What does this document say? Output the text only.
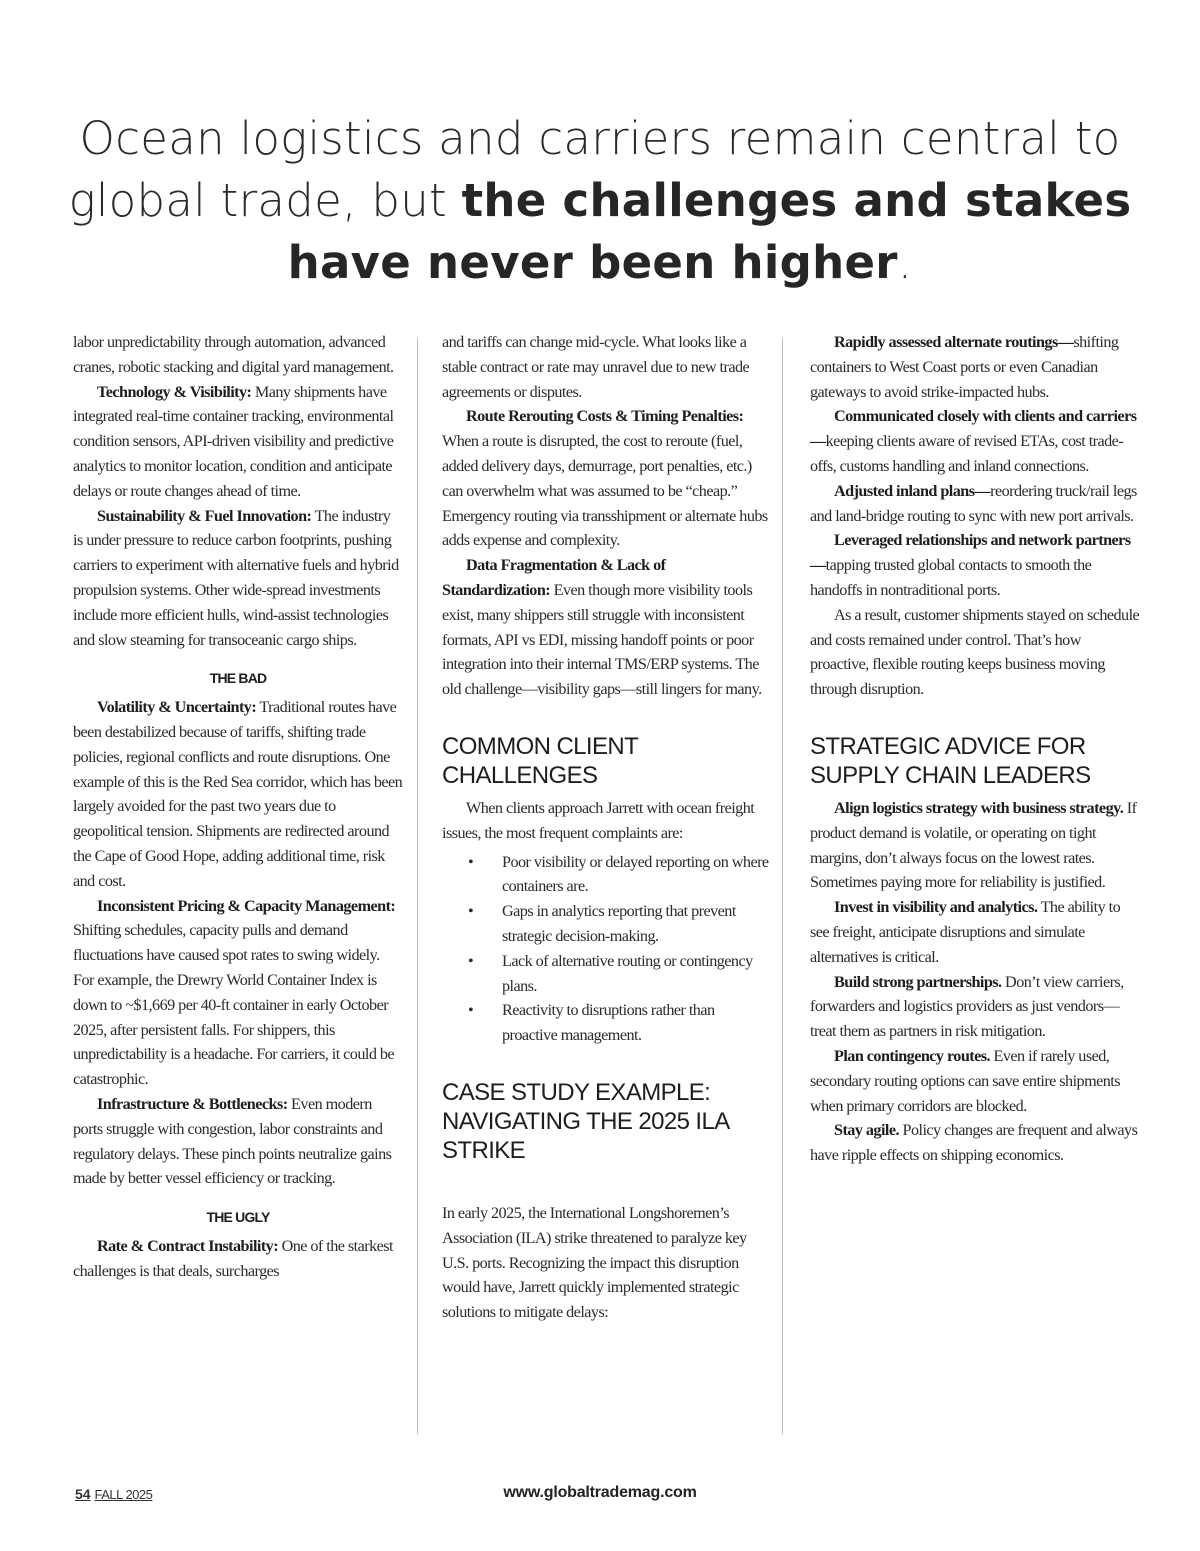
Ocean logistics and carriers remain central to global trade, but the challenges and stakes have never been higher.

labor unpredictability through automation, advanced cranes, robotic stacking and digital yard management.

Technology & Visibility: Many shipments have integrated real-time container tracking, environmental condition sensors, API-driven visibility and predictive analytics to monitor location, condition and anticipate delays or route changes ahead of time.

Sustainability & Fuel Innovation: The industry is under pressure to reduce carbon footprints, pushing carriers to experiment with alternative fuels and hybrid propulsion systems. Other wide-spread investments include more efficient hulls, wind-assist technologies and slow steaming for transoceanic cargo ships.

THE BAD

Volatility & Uncertainty: Traditional routes have been destabilized because of tariffs, shifting trade policies, regional conflicts and route disruptions. One example of this is the Red Sea corridor, which has been largely avoided for the past two years due to geopolitical tension. Shipments are redirected around the Cape of Good Hope, adding additional time, risk and cost.

Inconsistent Pricing & Capacity Management: Shifting schedules, capacity pulls and demand fluctuations have caused spot rates to swing widely. For example, the Drewry World Container Index is down to ~$1,669 per 40-ft container in early October 2025, after persistent falls. For shippers, this unpredictability is a headache. For carriers, it could be catastrophic.

Infrastructure & Bottlenecks: Even modern ports struggle with congestion, labor constraints and regulatory delays. These pinch points neutralize gains made by better vessel efficiency or tracking.

THE UGLY

Rate & Contract Instability: One of the starkest challenges is that deals, surcharges

and tariffs can change mid-cycle. What looks like a stable contract or rate may unravel due to new trade agreements or disputes.

Route Rerouting Costs & Timing Penalties: When a route is disrupted, the cost to reroute (fuel, added delivery days, demurrage, port penalties, etc.) can overwhelm what was assumed to be “cheap.” Emergency routing via transshipment or alternate hubs adds expense and complexity.

Data Fragmentation & Lack of Standardization: Even though more visibility tools exist, many shippers still struggle with inconsistent formats, API vs EDI, missing handoff points or poor integration into their internal TMS/ERP systems. The old challenge—visibility gaps—still lingers for many.

COMMON CLIENT CHALLENGES

When clients approach Jarrett with ocean freight issues, the most frequent complaints are:

• Poor visibility or delayed reporting on where containers are.
• Gaps in analytics reporting that prevent strategic decision-making.
• Lack of alternative routing or contingency plans.
• Reactivity to disruptions rather than proactive management.
CASE STUDY EXAMPLE: NAVIGATING THE 2025 ILA STRIKE

In early 2025, the International Longshoremen’s Association (ILA) strike threatened to paralyze key U.S. ports. Recognizing the impact this disruption would have, Jarrett quickly implemented strategic solutions to mitigate delays:

Rapidly assessed alternate routings—shifting containers to West Coast ports or even Canadian gateways to avoid strike-impacted hubs.

Communicated closely with clients and carriers—keeping clients aware of revised ETAs, cost trade-offs, customs handling and inland connections.

Adjusted inland plans—reordering truck/rail legs and land-bridge routing to sync with new port arrivals.

Leveraged relationships and network partners—tapping trusted global contacts to smooth the handoffs in nontraditional ports.

As a result, customer shipments stayed on schedule and costs remained under control. That’s how proactive, flexible routing keeps business moving through disruption.

STRATEGIC ADVICE FOR SUPPLY CHAIN LEADERS

Align logistics strategy with business strategy. If product demand is volatile, or operating on tight margins, don’t always focus on the lowest rates. Sometimes paying more for reliability is justified.

Invest in visibility and analytics. The ability to see freight, anticipate disruptions and simulate alternatives is critical.

Build strong partnerships. Don’t view carriers, forwarders and logistics providers as just vendors—treat them as partners in risk mitigation.

Plan contingency routes. Even if rarely used, secondary routing options can save entire shipments when primary corridors are blocked.

Stay agile. Policy changes are frequent and always have ripple effects on shipping economics.

54 FALL 2025	www.globaltrademag.com
